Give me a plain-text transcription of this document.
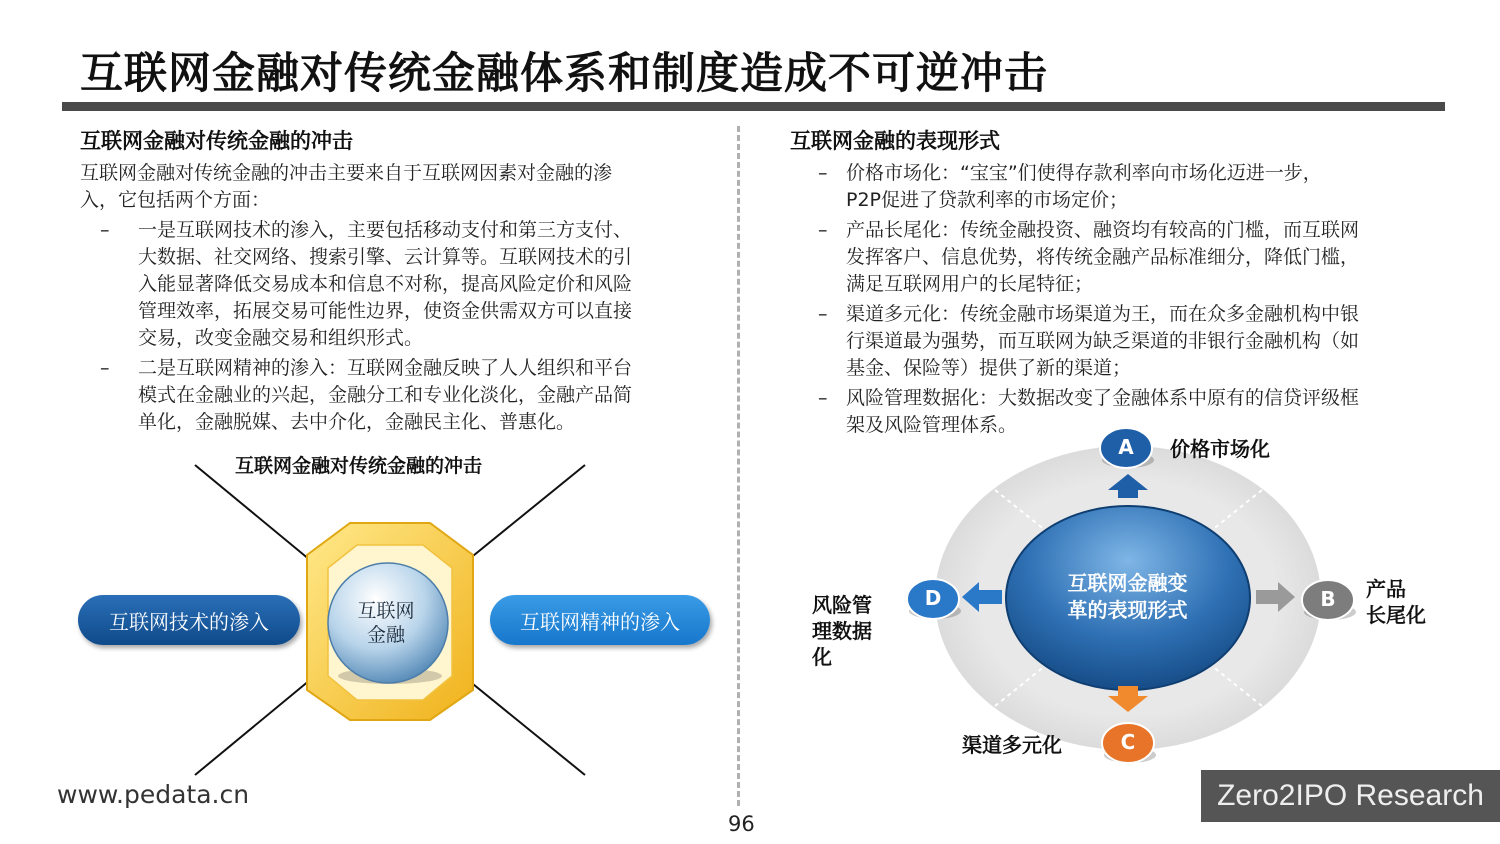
互联网金融对传统金融体系和制度造成不可逆冲击
互联网金融对传统金融的冲击
互联网金融对传统金融的冲击主要来自于互联网因素对金融的渗
入，它包括两个方面：
– 一是互联网技术的渗入，主要包括移动支付和第三方支付、
大数据、社交网络、搜索引擎、云计算等。互联网技术的引
入能显著降低交易成本和信息不对称，提高风险定价和风险
管理效率，拓展交易可能性边界，使资金供需双方可以直接
交易，改变金融交易和组织形式。
– 二是互联网精神的渗入：互联网金融反映了人人组织和平台
模式在金融业的兴起，金融分工和专业化淡化，金融产品简
单化，金融脱媒、去中介化，金融民主化、普惠化。
互联网金融的表现形式
– 价格市场化：“宝宝”们使得存款利率向市场化迈进一步，
P2P促进了贷款利率的市场定价；
– 产品长尾化：传统金融投资、融资均有较高的门槛，而互联网
发挥客户、信息优势，将传统金融产品标准细分，降低门槛，
满足互联网用户的长尾特征；
– 渠道多元化：传统金融市场渠道为王，而在众多金融机构中银
行渠道最为强势，而互联网为缺乏渠道的非银行金融机构（如
基金、保险等）提供了新的渠道；
– 风险管理数据化：大数据改变了金融体系中原有的信贷评级框
架及风险管理体系。
互联网金融对传统金融的冲击
互联网技术的渗入	互联网精神的渗入
互联网
金融
互联网金融变
革的表现形式
A
B
C
D
价格市场化
产品
长尾化
渠道多元化
风险管
理数据
化
www.pedata.cn
96
Zero2IPO Research
